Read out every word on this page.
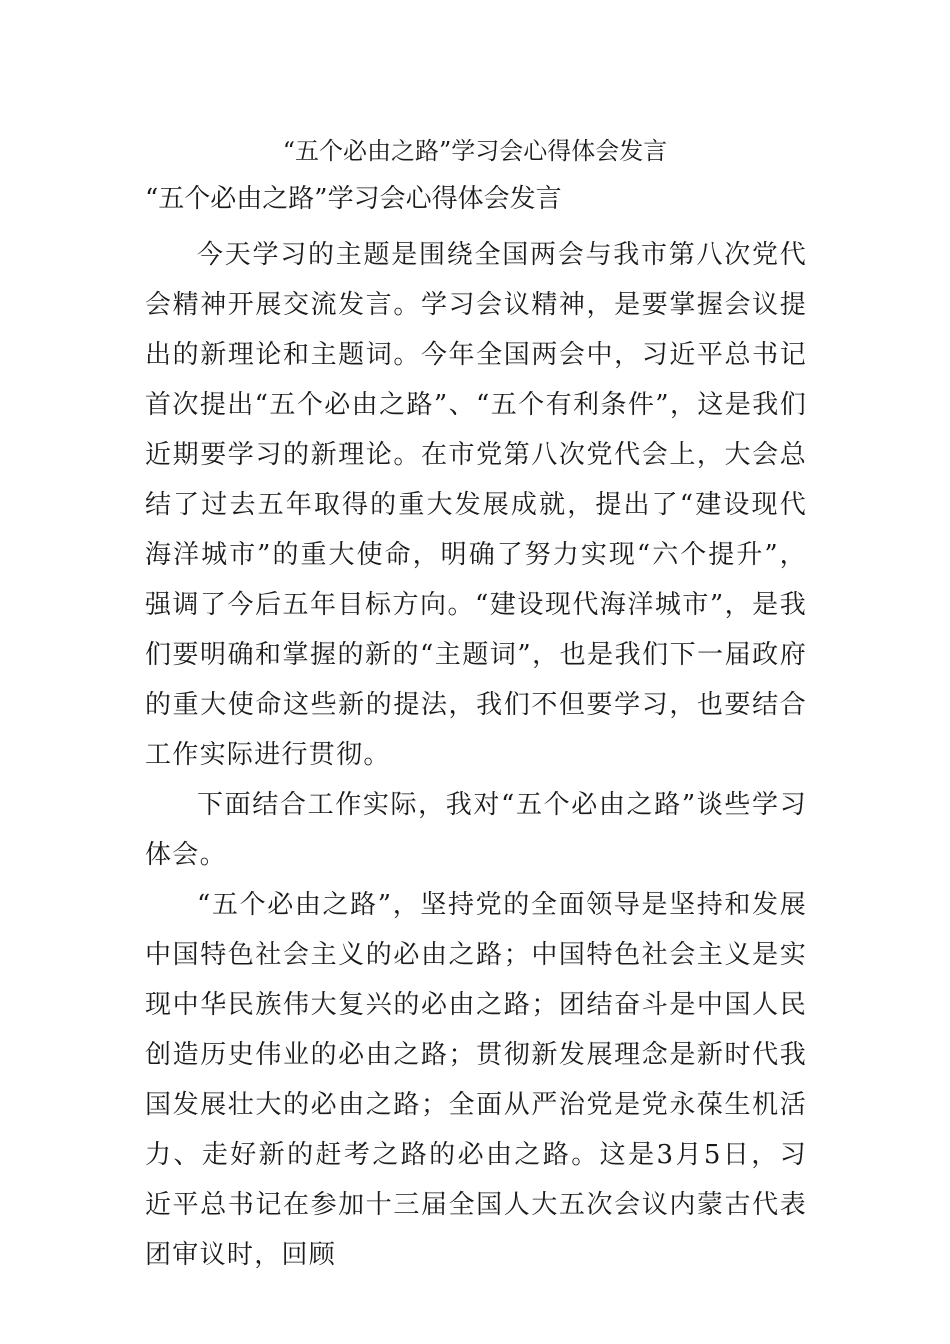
“五个必由之路”学习会心得体会发言
“五个必由之路”学习会心得体会发言

今天学习的主题是围绕全国两会与我市第八次党代会精神开展交流发言。学习会议精神，是要掌握会议提出的新理论和主题词。今年全国两会中，习近平总书记首次提出“五个必由之路”、“五个有利条件”，这是我们近期要学习的新理论。在市党第八次党代会上，大会总结了过去五年取得的重大发展成就，提出了“建设现代海洋城市”的重大使命，明确了努力实现“六个提升”，强调了今后五年目标方向。“建设现代海洋城市”，是我们要明确和掌握的新的“主题词”，也是我们下一届政府的重大使命这些新的提法，我们不但要学习，也要结合工作实际进行贯彻。

下面结合工作实际，我对“五个必由之路”谈些学习体会。

“五个必由之路”，坚持党的全面领导是坚持和发展中国特色社会主义的必由之路；中国特色社会主义是实现中华民族伟大复兴的必由之路；团结奋斗是中国人民创造历史伟业的必由之路；贯彻新发展理念是新时代我国发展壮大的必由之路；全面从严治党是党永葆生机活力、走好新的赶考之路的必由之路。这是3月5日，习近平总书记在参加十三届全国人大五次会议内蒙古代表团审议时，回顾
